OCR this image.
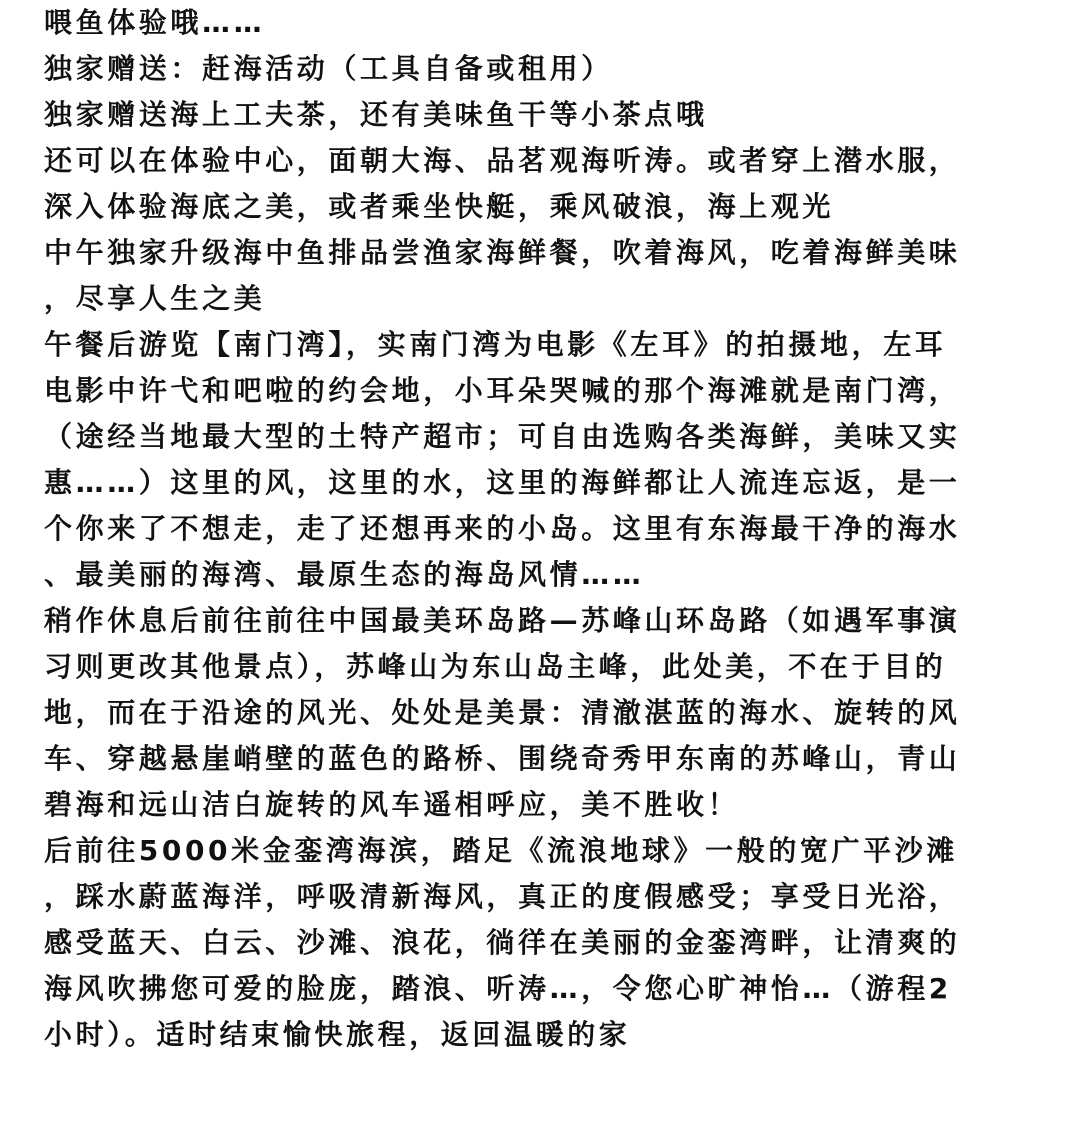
喂鱼体验哦……
独家赠送：赶海活动（工具自备或租用）
独家赠送海上工夫茶，还有美味鱼干等小茶点哦
还可以在体验中心，面朝大海、品茗观海听涛。或者穿上潜水服，
深入体验海底之美，或者乘坐快艇，乘风破浪，海上观光
中午独家升级海中鱼排品尝渔家海鲜餐，吹着海风，吃着海鲜美味
，尽享人生之美
午餐后游览【南门湾】，实南门湾为电影《左耳》的拍摄地，左耳
电影中许弋和吧啦的约会地，小耳朵哭喊的那个海滩就是南门湾，
（途经当地最大型的土特产超市；可自由选购各类海鲜，美味又实
惠……）这里的风，这里的水，这里的海鲜都让人流连忘返，是一
个你来了不想走，走了还想再来的小岛。这里有东海最干净的海水
、最美丽的海湾、最原生态的海岛风情……
稍作休息后前往前往中国最美环岛路—苏峰山环岛路（如遇军事演
习则更改其他景点），苏峰山为东山岛主峰，此处美，不在于目的
地，而在于沿途的风光、处处是美景：清澈湛蓝的海水、旋转的风
车、穿越悬崖峭壁的蓝色的路桥、围绕奇秀甲东南的苏峰山，青山
碧海和远山洁白旋转的风车遥相呼应，美不胜收！
后前往5000米金銮湾海滨，踏足《流浪地球》一般的宽广平沙滩
，踩水蔚蓝海洋，呼吸清新海风，真正的度假感受；享受日光浴，
感受蓝天、白云、沙滩、浪花，徜徉在美丽的金銮湾畔，让清爽的
海风吹拂您可爱的脸庞，踏浪、听涛…，令您心旷神怡…（游程2
小时）。适时结束愉快旅程，返回温暖的家
